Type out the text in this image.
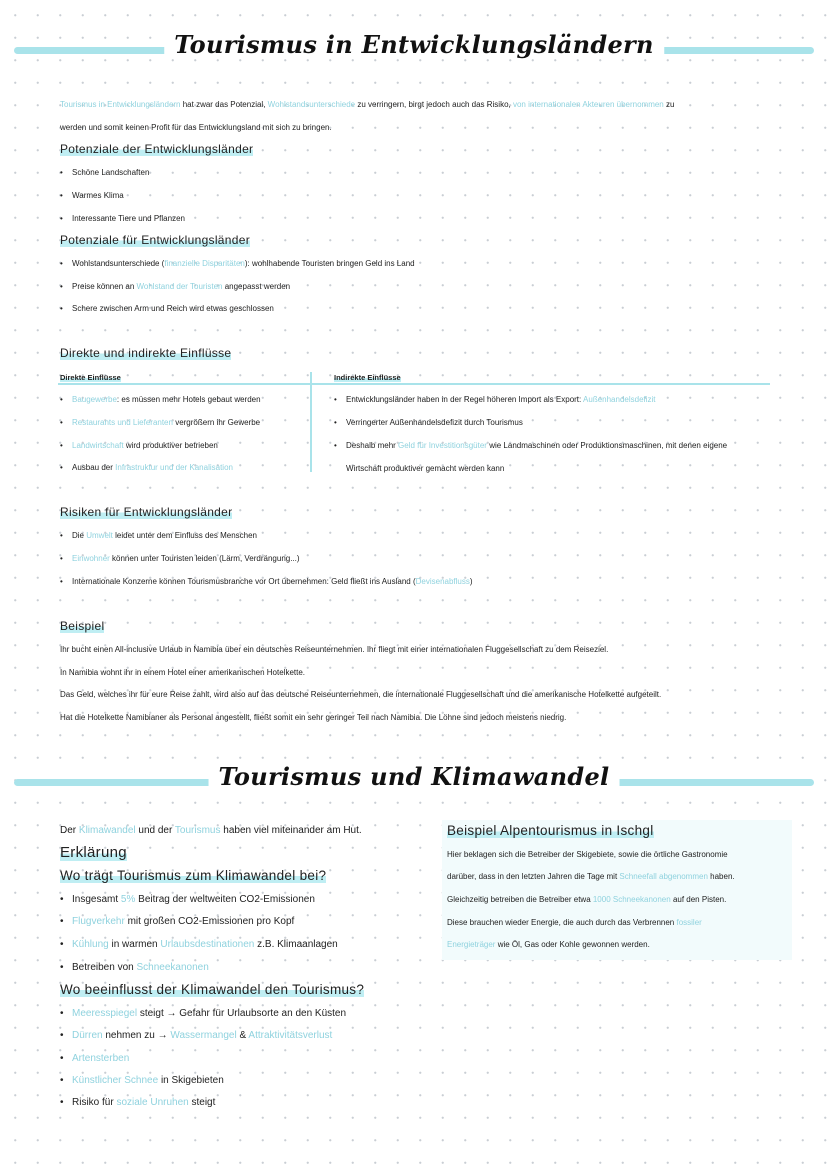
Tourismus in Entwicklungsländern
Tourismus in Entwicklungsländern hat zwar das Potenzial, Wohlstandsunterschiede zu verringern, birgt jedoch auch das Risiko, von internationalen Akteuren übernommen zu
werden und somit keinen Profit für das Entwicklungsland mit sich zu bringen.
Potenziale der Entwicklungsländer
• Schöne Landschaften
• Warmes Klima
• Interessante Tiere und Pflanzen
Potenziale für Entwicklungsländer
• Wohlstandsunterschiede (finanzielle Disparitäten): wohlhabende Touristen bringen Geld ins Land
• Preise können an Wohlstand der Touristen angepasst werden
• Schere zwischen Arm und Reich wird etwas geschlossen
Direkte und indirekte Einflüsse
Direkte Einflüsse	Indirekte Einflüsse
• Baugewerbe: es müssen mehr Hotels gebaut werden
• Restaurants und Lieferanten vergrößern ihr Gewerbe
• Landwirtschaft wird produktiver betrieben
• Ausbau der Infrastruktur und der Kanalisation
• Entwicklungsländer haben in der Regel höheren Import als Export: Außenhandelsdefizit
• Verringerter Außenhandelsdefizit durch Tourismus
• Deshalb mehr Geld für Investitionsgüter wie Landmaschinen oder Produktionsmaschinen, mit denen eigene
Wirtschaft produktiver gemacht werden kann
Risiken für Entwicklungsländer
• Die Umwelt leidet unter dem Einfluss des Menschen
• Einwohner können unter Touristen leiden (Lärm, Verdrängung...)
• Internationale Konzerne können Tourismusbranche vor Ort übernehmen: Geld fließt ins Ausland (Devisenabfluss)
Beispiel
Ihr bucht einen All-inclusive Urlaub in Namibia über ein deutsches Reiseunternehmen. Ihr fliegt mit einer internationalen Fluggesellschaft zu dem Reiseziel.
In Namibia wohnt ihr in einem Hotel einer amerikanischen Hotelkette.
Das Geld, welches ihr für eure Reise zahlt, wird also auf das deutsche Reiseunternehmen, die internationale Fluggesellschaft und die amerikanische Hotelkette aufgeteilt.
Hat die Hotelkette Namibianer als Personal angestellt, fließt somit ein sehr geringer Teil nach Namibia. Die Löhne sind jedoch meistens niedrig.
Tourismus und Klimawandel
Der Klimawandel und der Tourismus haben viel miteinander am Hut.
Erklärung
Wo trägt Tourismus zum Klimawandel bei?
• Insgesamt 5% Beitrag der weltweiten CO2-Emissionen
• Flugverkehr mit großen CO2-Emissionen pro Kopf
• Kühlung in warmen Urlaubsdestinationen z.B. Klimaanlagen
• Betreiben von Schneekanonen
Wo beeinflusst der Klimawandel den Tourismus?
• Meeresspiegel steigt → Gefahr für Urlaubsorte an den Küsten
• Dürren nehmen zu → Wassermangel & Attraktivitätsverlust
• Artensterben
• Künstlicher Schnee in Skigebieten
• Risiko für soziale Unruhen steigt
Beispiel Alpentourismus in Ischgl
Hier beklagen sich die Betreiber der Skigebiete, sowie die örtliche Gastronomie
darüber, dass in den letzten Jahren die Tage mit Schneefall abgenommen haben.
Gleichzeitig betreiben die Betreiber etwa 1000 Schneekanonen auf den Pisten.
Diese brauchen wieder Energie, die auch durch das Verbrennen fossiler
Energieträger wie Öl, Gas oder Kohle gewonnen werden.
